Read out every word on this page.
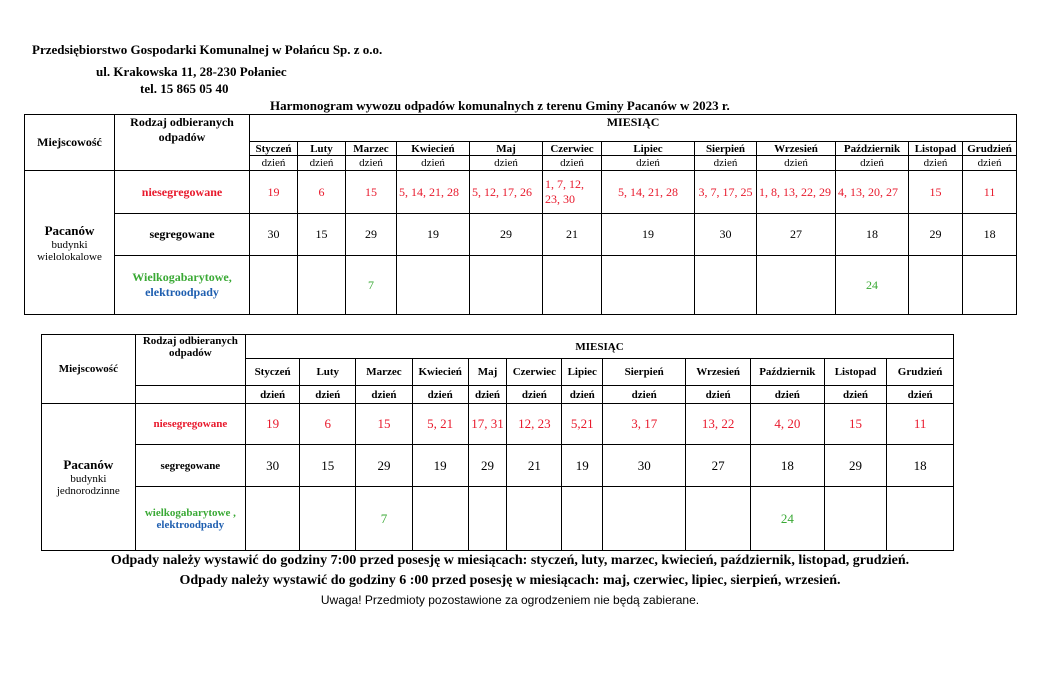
Przedsiębiorstwo Gospodarki Komunalnej w Połańcu Sp. z o.o.
ul. Krakowska 11, 28-230 Połaniec
tel. 15 865 05 40
Harmonogram wywozu odpadów komunalnych z terenu Gminy Pacanów w 2023 r.
Miejscowość	Rodzaj odbieranych odpadów	MIESIĄC											
		Styczeń	Luty	Marzec	Kwiecień	Maj	Czerwiec	Lipiec	Sierpień	Wrzesień	Październik	Listopad	Grudzień
		dzień	dzień	dzień	dzień	dzień	dzień	dzień	dzień	dzień	dzień	dzień	dzień

Pacanów
budynki wielolokalowe	niesegregowane	19	6	15	5, 14, 21, 28	5, 12, 17, 26	1, 7, 12, 23, 30	5, 14, 21, 28	3, 7, 17, 25	1, 8, 13, 22, 29	4, 13, 20, 27	15	11
	segregowane	30	15	29	19	29	21	19	30	27	18	29	18

	Wielkogabarytowe,
elektroodpady			7							24		
Miejscowość	Rodzaj odbieranych odpadów	MIESIĄC											
		Styczeń	Luty	Marzec	Kwiecień	Maj	Czerwiec	Lipiec	Sierpień	Wrzesień	Październik	Listopad	Grudzień
		dzień	dzień	dzień	dzień	dzień	dzień	dzień	dzień	dzień	dzień	dzień	dzień

Pacanów
budynki jednorodzinne	niesegregowane	19	6	15	5, 21	17, 31	12, 23	5,21	3, 17	13, 22	4, 20	15	11
	segregowane	30	15	29	19	29	21	19	30	27	18	29	18

	wielkogabarytowe ,
elektroodpady			7							24		
Odpady należy wystawić do godziny 7:00 przed posesję w miesiącach: styczeń, luty, marzec, kwiecień, październik, listopad, grudzień.
Odpady należy wystawić do godziny 6 :00 przed posesję w miesiącach: maj, czerwiec, lipiec, sierpień, wrzesień.
Uwaga! Przedmioty pozostawione za ogrodzeniem nie będą zabierane.
